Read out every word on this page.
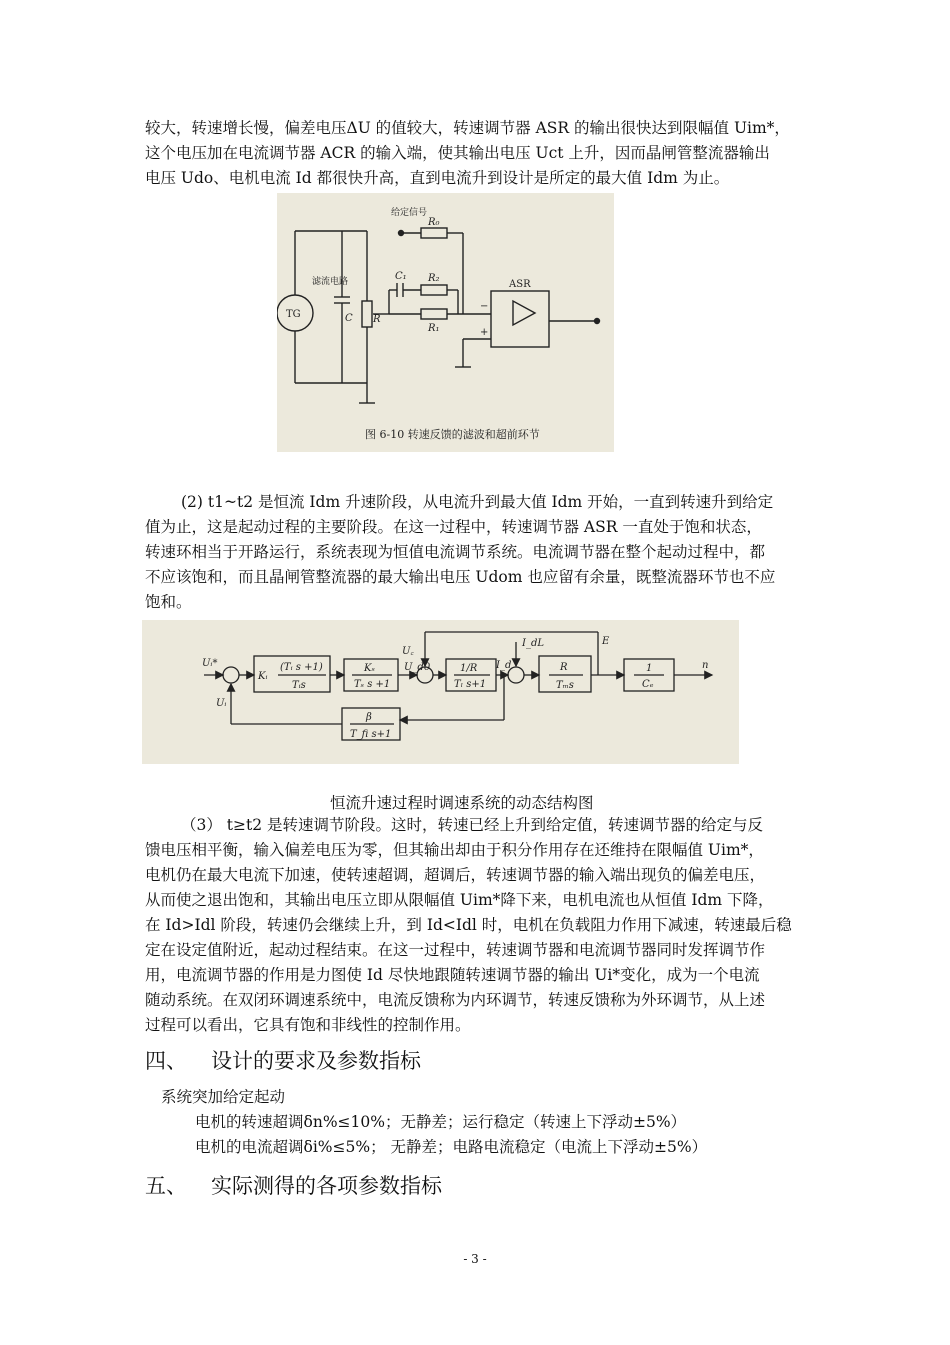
较大，转速增长慢，偏差电压ΔU 的值较大，转速调节器 ASR 的输出很快达到限幅值 Uim*，
这个电压加在电流调节器 ACR 的输入端，使其输出电压 Uct 上升，因而晶闸管整流器输出
电压 Udo、电机电流 Id 都很快升高，直到电流升到设计是所定的最大值 Idm 为止。
TG
滤流电路
C R
给定信号
R₀
C₁ R₂
R₁
ASR
−
+
图 6-10 转速反馈的滤波和超前环节
(2) t1~t2 是恒流 Idm 升速阶段，从电流升到最大值 Idm 开始，一直到转速升到给定
值为止，这是起动过程的主要阶段。在这一过程中，转速调节器 ASR 一直处于饱和状态，
转速环相当于开路运行，系统表现为恒值电流调节系统。电流调节器在整个起动过程中，都
不应该饱和，而且晶闸管整流器的最大输出电压 Udom 也应留有余量，既整流器环节也不应
饱和。
Uᵢ*
Uᵢ
(Tᵢ s +1)
Kᵢ
Tᵢs
Kₛ
Tₛ s +1
U꜀
U_d0	1/R
Tₗ s+1
I_d
I_dL	E
R
Tₘs
1
Cₑ
n
β
T_fi s+1
恒流升速过程时调速系统的动态结构图
（3） t≥t2 是转速调节阶段。这时，转速已经上升到给定值，转速调节器的给定与反
馈电压相平衡，输入偏差电压为零，但其输出却由于积分作用存在还维持在限幅值 Uim*，
电机仍在最大电流下加速，使转速超调，超调后，转速调节器的输入端出现负的偏差电压，
从而使之退出饱和，其输出电压立即从限幅值 Uim*降下来，电机电流也从恒值 Idm 下降，
在 Id>Idl 阶段，转速仍会继续上升，到 Id<Idl 时，电机在负载阻力作用下减速，转速最后稳
定在设定值附近，起动过程结束。在这一过程中，转速调节器和电流调节器同时发挥调节作
用，电流调节器的作用是力图使 Id 尽快地跟随转速调节器的输出 Ui*变化，成为一个电流
随动系统。在双闭环调速系统中，电流反馈称为内环调节，转速反馈称为外环调节，从上述
过程可以看出，它具有饱和非线性的控制作用。
四、 设计的要求及参数指标
系统突加给定起动
电机的转速超调δn%≤10%；无静差；运行稳定（转速上下浮动±5%）
电机的电流超调δi%≤5%； 无静差；电路电流稳定（电流上下浮动±5%）
五、 实际测得的各项参数指标
- 3 -
